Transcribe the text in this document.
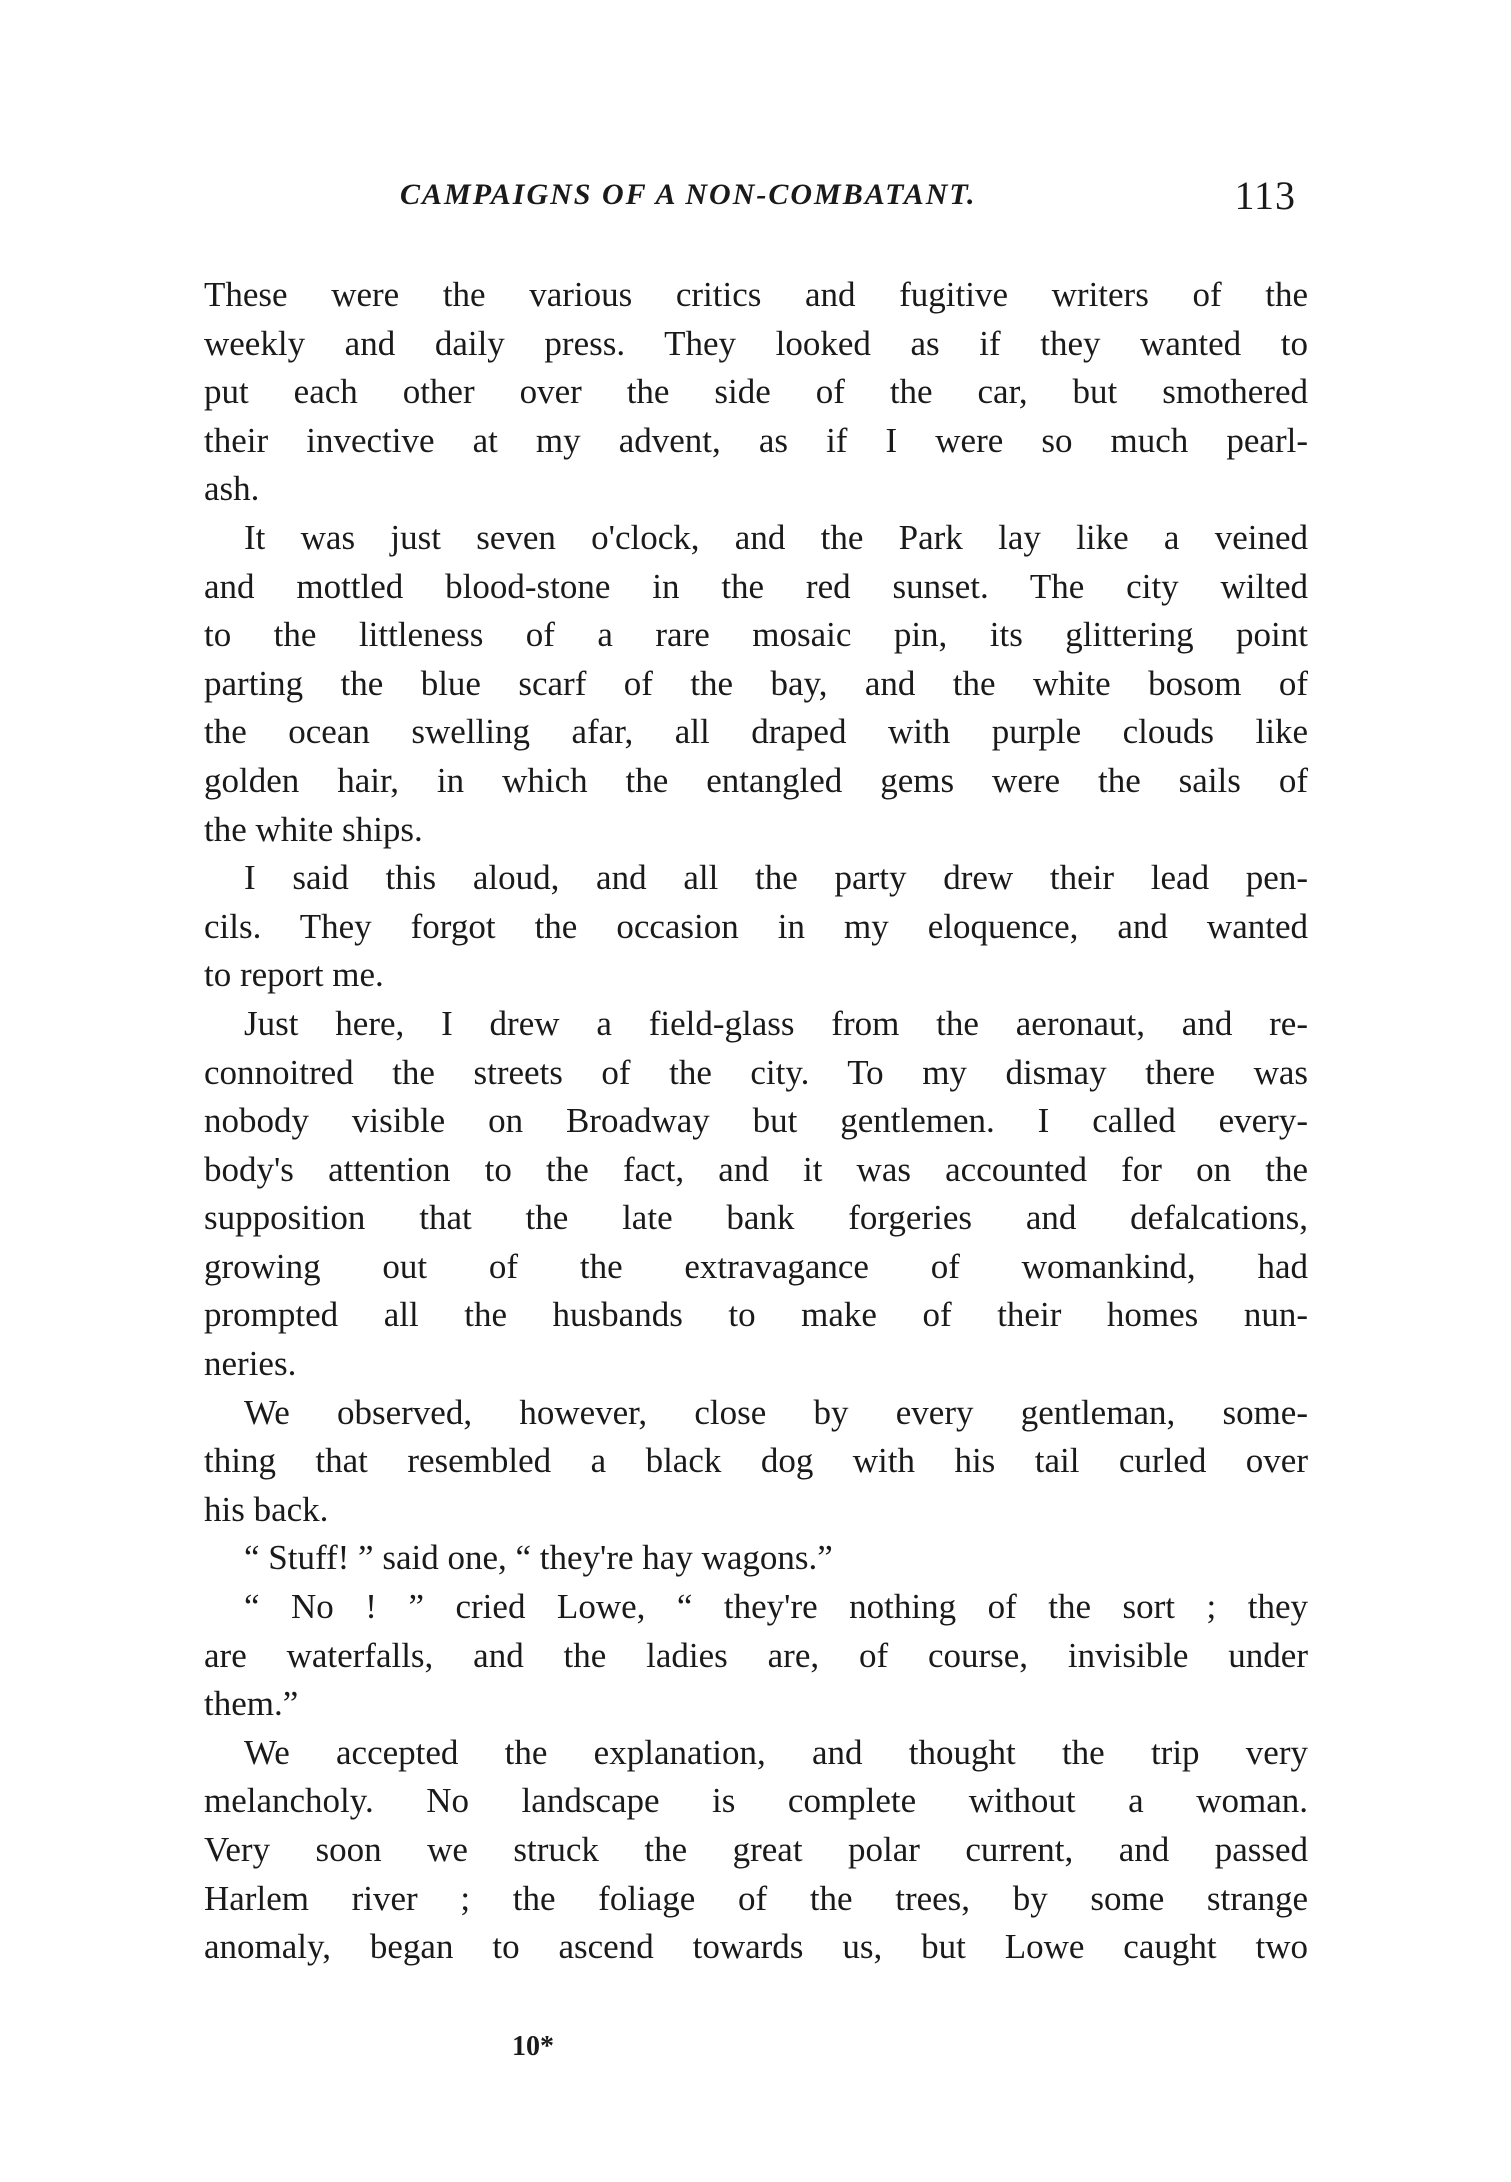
CAMPAIGNS OF A NON-COMBATANT.	113
These were the various critics and fugitive writers of the
weekly and daily press. They looked as if they wanted to
put each other over the side of the car, but smothered
their invective at my advent, as if I were so much pearl-
ash.
It was just seven o'clock, and the Park lay like a veined
and mottled blood-stone in the red sunset. The city wilted
to the littleness of a rare mosaic pin, its glittering point
parting the blue scarf of the bay, and the white bosom of
the ocean swelling afar, all draped with purple clouds like
golden hair, in which the entangled gems were the sails of
the white ships.
I said this aloud, and all the party drew their lead pen-
cils. They forgot the occasion in my eloquence, and wanted
to report me.
Just here, I drew a field-glass from the aeronaut, and re-
connoitred the streets of the city. To my dismay there was
nobody visible on Broadway but gentlemen. I called every-
body's attention to the fact, and it was accounted for on the
supposition that the late bank forgeries and defalcations,
growing out of the extravagance of womankind, had
prompted all the husbands to make of their homes nun-
neries.
We observed, however, close by every gentleman, some-
thing that resembled a black dog with his tail curled over
his back.
“ Stuff! ” said one, “ they're hay wagons.”
“ No ! ” cried Lowe, “ they're nothing of the sort ; they
are waterfalls, and the ladies are, of course, invisible under
them.”
We accepted the explanation, and thought the trip very
melancholy. No landscape is complete without a woman.
Very soon we struck the great polar current, and passed
Harlem river ; the foliage of the trees, by some strange
anomaly, began to ascend towards us, but Lowe caught two
10*
